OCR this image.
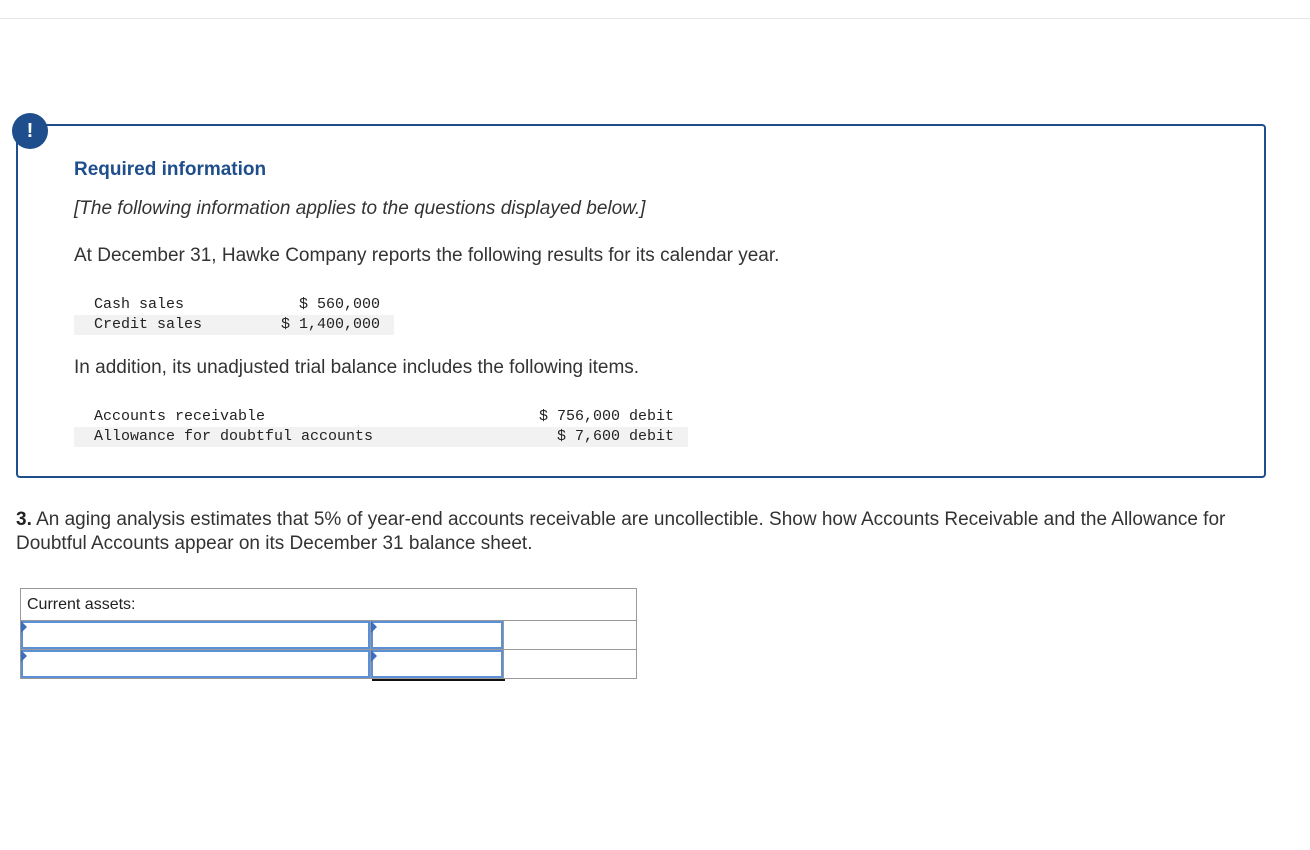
!
Required information
[The following information applies to the questions displayed below.]
At December 31, Hawke Company reports the following results for its calendar year.
Cash sales	$ 560,000
Credit sales	$ 1,400,000
In addition, its unadjusted trial balance includes the following items.
Accounts receivable	$ 756,000 debit
Allowance for doubtful accounts	$ 7,600 debit
3. An aging analysis estimates that 5% of year-end accounts receivable are uncollectible. Show how Accounts Receivable and the Allowance for Doubtful Accounts appear on its December 31 balance sheet.
Current assets:		
